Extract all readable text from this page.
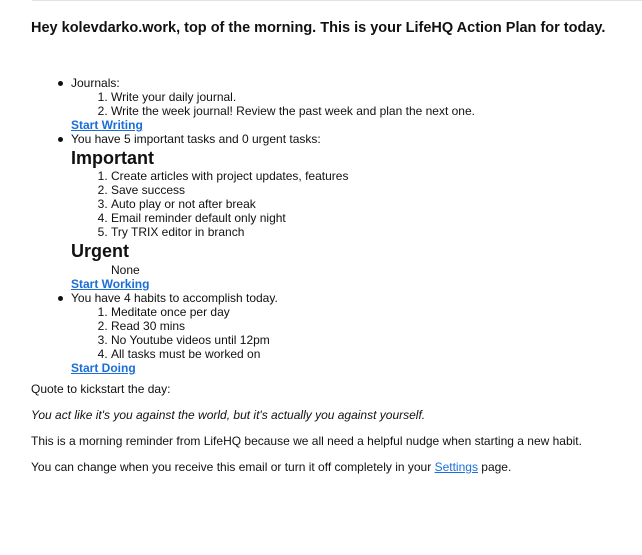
Hey kolevdarko.work, top of the morning. This is your LifeHQ Action Plan for today.
Journals:
1. Write your daily journal.
2. Write the week journal! Review the past week and plan the next one.
Start Writing
You have 5 important tasks and 0 urgent tasks:
Important
1. Create articles with project updates, features
2. Save success
3. Auto play or not after break
4. Email reminder default only night
5. Try TRIX editor in branch
Urgent
None
Start Working
You have 4 habits to accomplish today.
1. Meditate once per day
2. Read 30 mins
3. No Youtube videos until 12pm
4. All tasks must be worked on
Start Doing

Quote to kickstart the day:

You act like it's you against the world, but it's actually you against yourself.

This is a morning reminder from LifeHQ because we all need a helpful nudge when starting a new habit.

You can change when you receive this email or turn it off completely in your Settings page.
